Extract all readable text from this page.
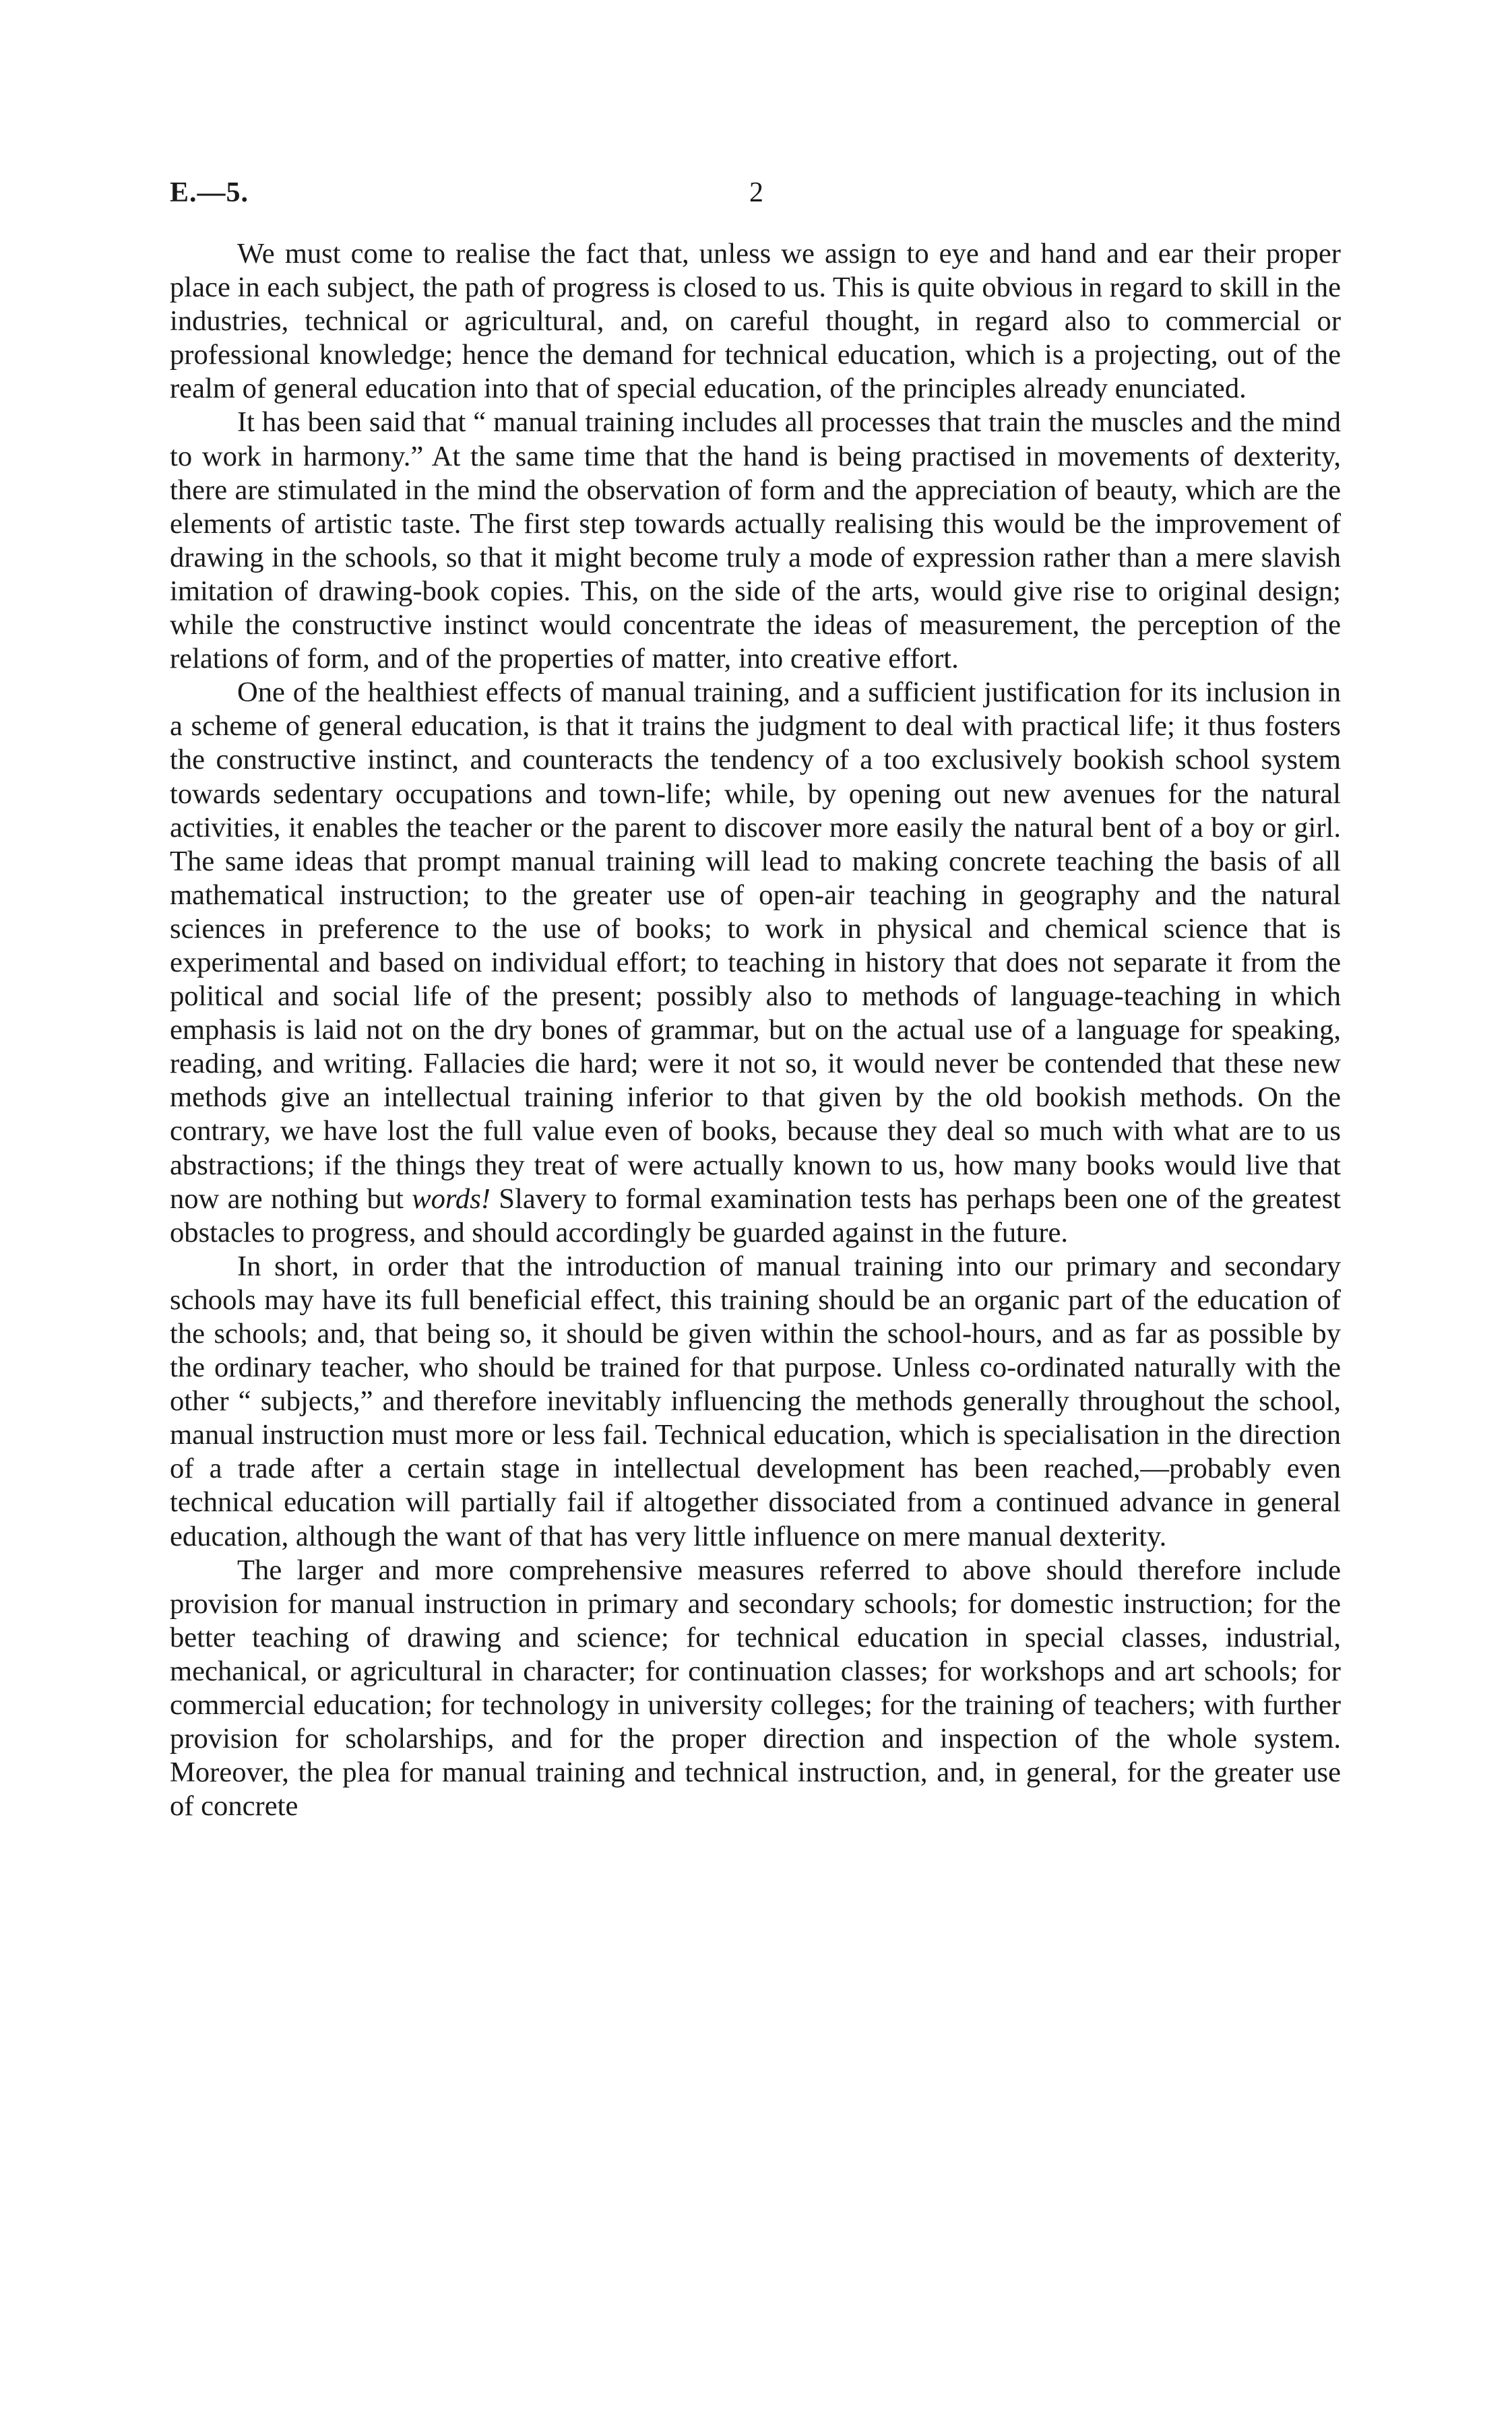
E.—5.	2

We must come to realise the fact that, unless we assign to eye and hand and ear their proper place in each subject, the path of progress is closed to us. This is quite obvious in regard to skill in the industries, technical or agricultural, and, on careful thought, in regard also to commercial or professional knowledge; hence the demand for technical education, which is a projecting, out of the realm of general education into that of special education, of the principles already enunciated.

It has been said that “ manual training includes all processes that train the muscles and the mind to work in harmony.” At the same time that the hand is being practised in movements of dexterity, there are stimulated in the mind the observation of form and the appreciation of beauty, which are the elements of artistic taste. The first step towards actually realising this would be the improvement of drawing in the schools, so that it might become truly a mode of expression rather than a mere slavish imitation of drawing-book copies. This, on the side of the arts, would give rise to original design; while the constructive instinct would concentrate the ideas of measurement, the perception of the relations of form, and of the properties of matter, into creative effort.

One of the healthiest effects of manual training, and a sufficient justification for its inclusion in a scheme of general education, is that it trains the judgment to deal with practical life; it thus fosters the constructive instinct, and counteracts the tendency of a too exclusively bookish school system towards sedentary occupations and town-life; while, by opening out new avenues for the natural activities, it enables the teacher or the parent to discover more easily the natural bent of a boy or girl. The same ideas that prompt manual training will lead to making concrete teaching the basis of all mathematical instruction; to the greater use of open-air teaching in geography and the natural sciences in preference to the use of books; to work in physical and chemical science that is experimental and based on individual effort; to teaching in history that does not separate it from the political and social life of the present; possibly also to methods of language-teaching in which emphasis is laid not on the dry bones of grammar, but on the actual use of a language for speaking, reading, and writing. Fallacies die hard; were it not so, it would never be contended that these new methods give an intellectual training inferior to that given by the old bookish methods. On the contrary, we have lost the full value even of books, because they deal so much with what are to us abstractions; if the things they treat of were actually known to us, how many books would live that now are nothing but words! Slavery to formal examination tests has perhaps been one of the greatest obstacles to progress, and should accordingly be guarded against in the future.

In short, in order that the introduction of manual training into our primary and secondary schools may have its full beneficial effect, this training should be an organic part of the education of the schools; and, that being so, it should be given within the school-hours, and as far as possible by the ordinary teacher, who should be trained for that purpose. Unless co-ordinated naturally with the other “ subjects,” and therefore inevitably influencing the methods generally throughout the school, manual instruction must more or less fail. Technical education, which is specialisation in the direction of a trade after a certain stage in intellectual development has been reached,—probably even technical education will partially fail if altogether dissociated from a continued advance in general education, although the want of that has very little influence on mere manual dexterity.

The larger and more comprehensive measures referred to above should therefore include provision for manual instruction in primary and secondary schools; for domestic instruction; for the better teaching of drawing and science; for technical education in special classes, industrial, mechanical, or agricultural in character; for continuation classes; for workshops and art schools; for commercial education; for technology in university colleges; for the training of teachers; with further provision for scholarships, and for the proper direction and inspection of the whole system. Moreover, the plea for manual training and technical instruction, and, in general, for the greater use of concrete
